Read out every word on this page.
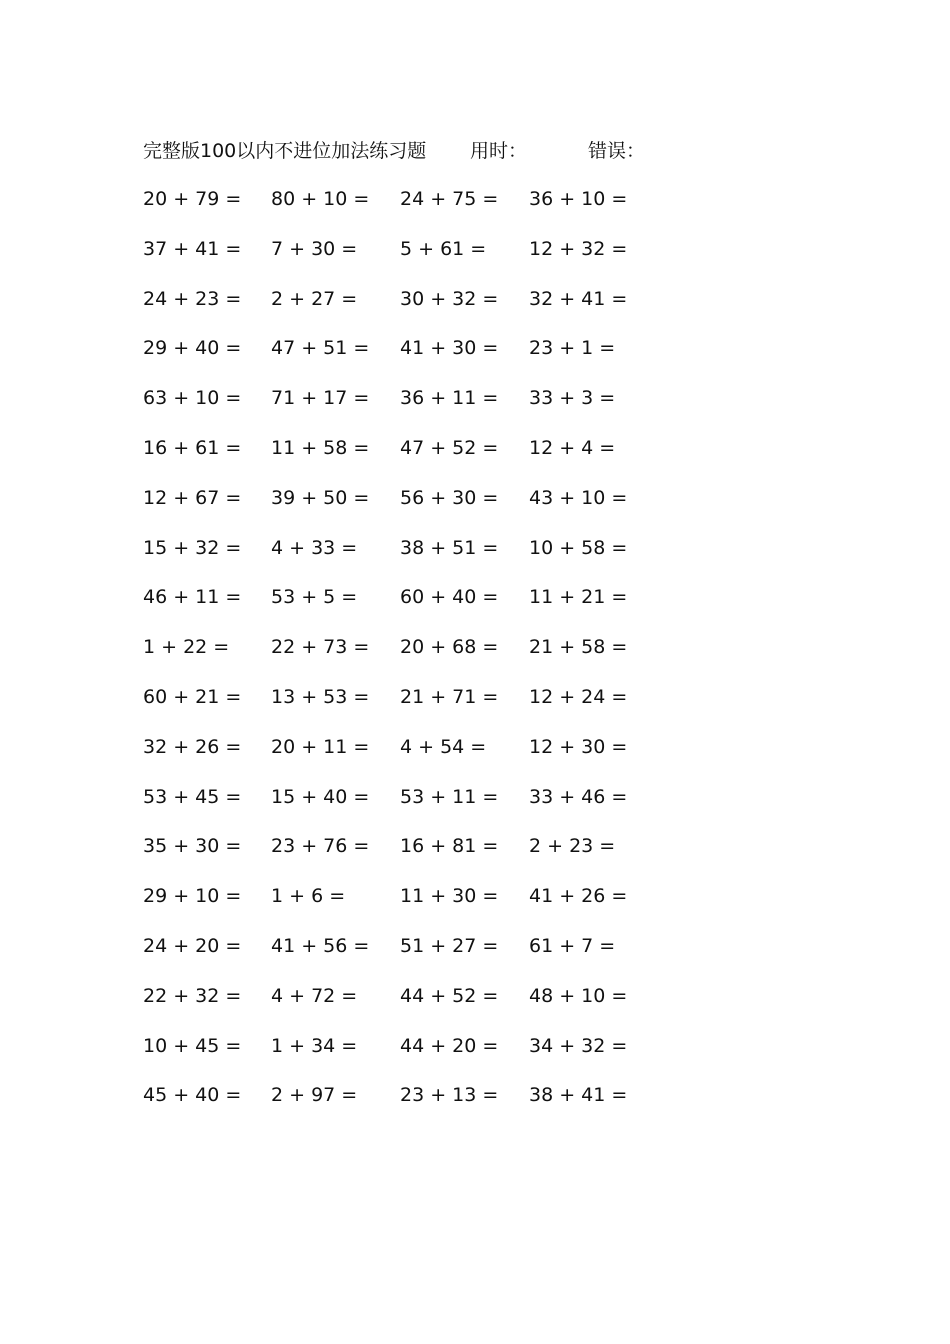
完整版100以内不进位加法练习题 用时：	错误：
20 + 79 =	80 + 10 =	24 + 75 =	36 + 10 =
37 + 41 =	7 + 30 =	5 + 61 =	12 + 32 =
24 + 23 =	2 + 27 =	30 + 32 =	32 + 41 =
29 + 40 =	47 + 51 =	41 + 30 =	23 + 1 =
63 + 10 =	71 + 17 =	36 + 11 =	33 + 3 =
16 + 61 =	11 + 58 =	47 + 52 =	12 + 4 =
12 + 67 =	39 + 50 =	56 + 30 =	43 + 10 =
15 + 32 =	4 + 33 =	38 + 51 =	10 + 58 =
46 + 11 =	53 + 5 =	60 + 40 =	11 + 21 =
1 + 22 =	22 + 73 =	20 + 68 =	21 + 58 =
60 + 21 =	13 + 53 =	21 + 71 =	12 + 24 =
32 + 26 =	20 + 11 =	4 + 54 =	12 + 30 =
53 + 45 =	15 + 40 =	53 + 11 =	33 + 46 =
35 + 30 =	23 + 76 =	16 + 81 =	2 + 23 =
29 + 10 =	1 + 6 =	11 + 30 =	41 + 26 =
24 + 20 =	41 + 56 =	51 + 27 =	61 + 7 =
22 + 32 =	4 + 72 =	44 + 52 =	48 + 10 =
10 + 45 =	1 + 34 =	44 + 20 =	34 + 32 =
45 + 40 =	2 + 97 =	23 + 13 =	38 + 41 =
